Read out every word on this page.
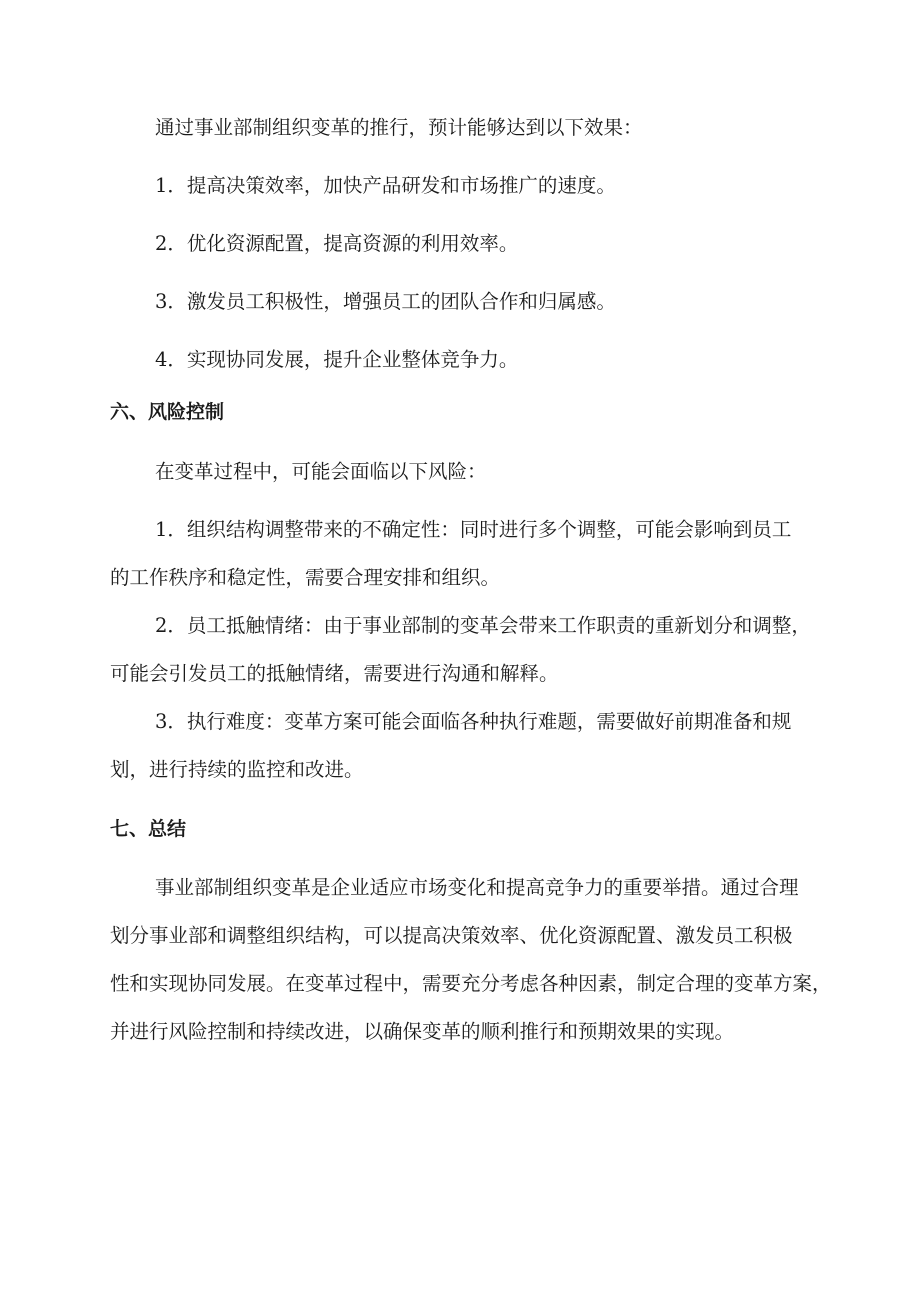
通过事业部制组织变革的推行，预计能够达到以下效果：

1．提高决策效率，加快产品研发和市场推广的速度。

2．优化资源配置，提高资源的利用效率。

3．激发员工积极性，增强员工的团队合作和归属感。

4．实现协同发展，提升企业整体竞争力。

六、风险控制

在变革过程中，可能会面临以下风险：

1．组织结构调整带来的不确定性：同时进行多个调整，可能会影响到员工
的工作秩序和稳定性，需要合理安排和组织。
2．员工抵触情绪：由于事业部制的变革会带来工作职责的重新划分和调整，
可能会引发员工的抵触情绪，需要进行沟通和解释。
3．执行难度：变革方案可能会面临各种执行难题，需要做好前期准备和规
划，进行持续的监控和改进。
七、总结
事业部制组织变革是企业适应市场变化和提高竞争力的重要举措。通过合理
划分事业部和调整组织结构，可以提高决策效率、优化资源配置、激发员工积极
性和实现协同发展。在变革过程中，需要充分考虑各种因素，制定合理的变革方案，
并进行风险控制和持续改进，以确保变革的顺利推行和预期效果的实现。
